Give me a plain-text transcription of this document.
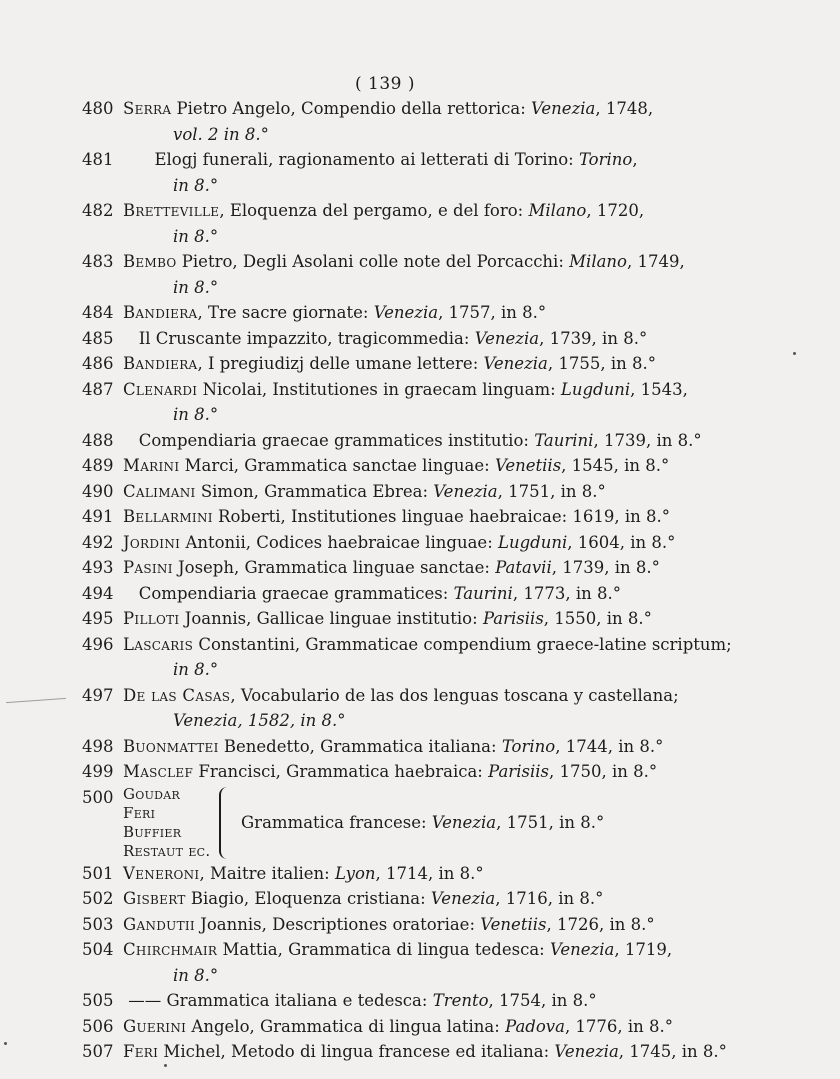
( 139 )
480 Serra Pietro Angelo, Compendio della rettorica: Venezia, 1748,
vol. 2 in 8.°
481 Elogj funerali, ragionamento ai letterati di Torino: Torino,
in 8.°
482 Bretteville, Eloquenza del pergamo, e del foro: Milano, 1720,
in 8.°
483 Bembo Pietro, Degli Asolani colle note del Porcacchi: Milano, 1749,
in 8.°
484 Bandiera, Tre sacre giornate: Venezia, 1757, in 8.°
485 Il Cruscante impazzito, tragicommedia: Venezia, 1739, in 8.°
486 Bandiera, I pregiudizj delle umane lettere: Venezia, 1755, in 8.°
487 Clenardi Nicolai, Institutiones in graecam linguam: Lugduni, 1543,
in 8.°
488 Compendiaria graecae grammatices institutio: Taurini, 1739, in 8.°
489 Marini Marci, Grammatica sanctae linguae: Venetiis, 1545, in 8.°
490 Calimani Simon, Grammatica Ebrea: Venezia, 1751, in 8.°
491 Bellarmini Roberti, Institutiones linguae haebraicae: 1619, in 8.°
492 Jordini Antonii, Codices haebraicae linguae: Lugduni, 1604, in 8.°
493 Pasini Joseph, Grammatica linguae sanctae: Patavii, 1739, in 8.°
494 Compendiaria graecae grammatices: Taurini, 1773, in 8.°
495 Pilloti Joannis, Gallicae linguae institutio: Parisiis, 1550, in 8.°
496 Lascaris Constantini, Grammaticae compendium graece-latine scriptum;
in 8.°
497 De las Casas, Vocabulario de las dos lenguas toscana y castellana;
Venezia, 1582, in 8.°
498 Buonmattei Benedetto, Grammatica italiana: Torino, 1744, in 8.°
499 Masclef Francisci, Grammatica haebraica: Parisiis, 1750, in 8.°
500 Goudar
Feri
Buffier
Restaut ec.
Grammatica francese: Venezia, 1751, in 8.°
501 Veneroni, Maitre italien: Lyon, 1714, in 8.°
502 Gisbert Biagio, Eloquenza cristiana: Venezia, 1716, in 8.°
503 Gandutii Joannis, Descriptiones oratoriae: Venetiis, 1726, in 8.°
504 Chirchmair Mattia, Grammatica di lingua tedesca: Venezia, 1719,
in 8.°
505 —— Grammatica italiana e tedesca: Trento, 1754, in 8.°
506 Guerini Angelo, Grammatica di lingua latina: Padova, 1776, in 8.°
507 Feri Michel, Metodo di lingua francese ed italiana: Venezia, 1745, in 8.°
